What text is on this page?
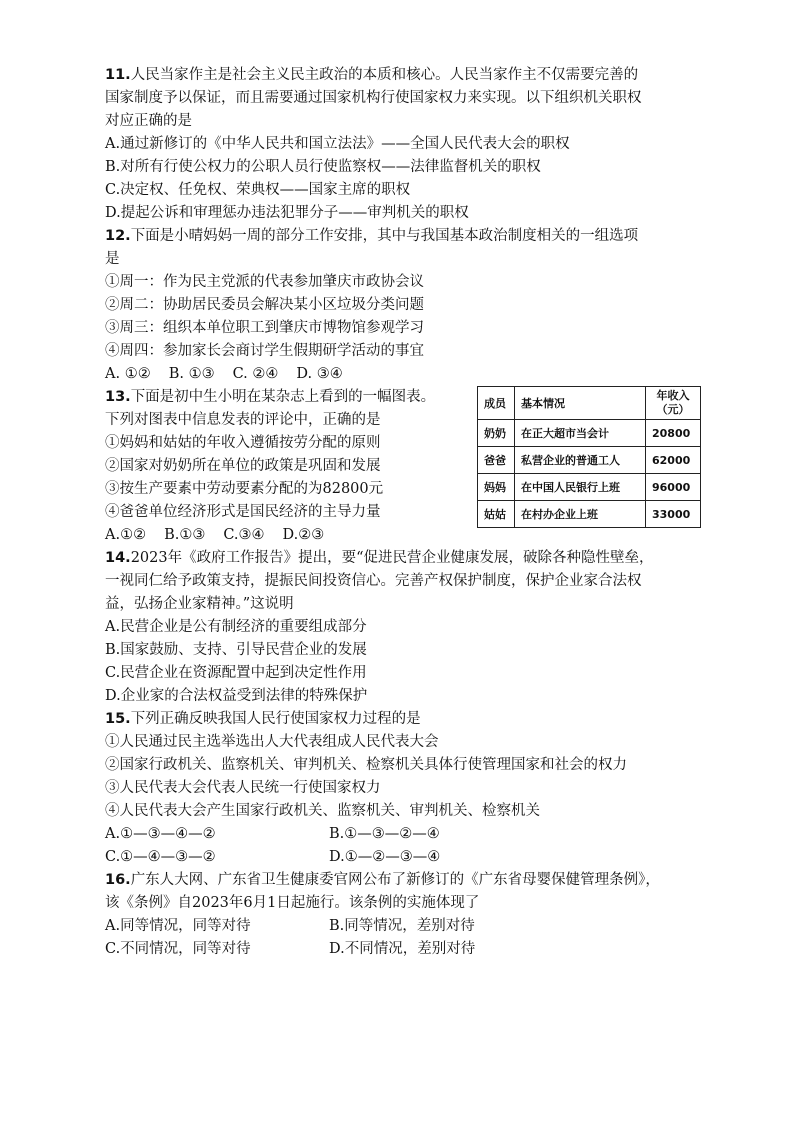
11.人民当家作主是社会主义民主政治的本质和核心。人民当家作主不仅需要完善的
国家制度予以保证，而且需要通过国家机构行使国家权力来实现。以下组织机关职权
对应正确的是
A.通过新修订的《中华人民共和国立法法》——全国人民代表大会的职权
B.对所有行使公权力的公职人员行使监察权——法律监督机关的职权
C.决定权、任免权、荣典权——国家主席的职权
D.提起公诉和审理惩办违法犯罪分子——审判机关的职权
12.下面是小晴妈妈一周的部分工作安排，其中与我国基本政治制度相关的一组选项
是
①周一：作为民主党派的代表参加肇庆市政协会议
②周二：协助居民委员会解决某小区垃圾分类问题
③周三：组织本单位职工到肇庆市博物馆参观学习
④周四：参加家长会商讨学生假期研学活动的事宜
A. ①② B. ①③ C. ②④ D. ③④
13.下面是初中生小明在某杂志上看到的一幅图表。
下列对图表中信息发表的评论中，正确的是
①妈妈和姑姑的年收入遵循按劳分配的原则
②国家对奶奶所在单位的政策是巩固和发展
③按生产要素中劳动要素分配的为82800元
④爸爸单位经济形式是国民经济的主导力量
A.①② B.①③ C.③④ D.②③
14.2023年《政府工作报告》提出，要“促进民营企业健康发展，破除各种隐性壁垒，
一视同仁给予政策支持，提振民间投资信心。完善产权保护制度，保护企业家合法权
益，弘扬企业家精神。”这说明
A.民营企业是公有制经济的重要组成部分
B.国家鼓励、支持、引导民营企业的发展
C.民营企业在资源配置中起到决定性作用
D.企业家的合法权益受到法律的特殊保护
15.下列正确反映我国人民行使国家权力过程的是
①人民通过民主选举选出人大代表组成人民代表大会
②国家行政机关、监察机关、审判机关、检察机关具体行使管理国家和社会的权力
③人民代表大会代表人民统一行使国家权力
④人民代表大会产生国家行政机关、监察机关、审判机关、检察机关
A.①—③—④—②	B.①—③—②—④
C.①—④—③—②	D.①—②—③—④
16.广东人大网、广东省卫生健康委官网公布了新修订的《广东省母婴保健管理条例》，
该《条例》自2023年6月1日起施行。该条例的实施体现了
A.同等情况，同等对待	B.同等情况，差别对待
C.不同情况，同等对待	D.不同情况，差别对待
成员	基本情况	年收入
（元）
奶奶	在正大超市当会计	20800
爸爸	私营企业的普通工人	62000
妈妈	在中国人民银行上班	96000
姑姑	在村办企业上班	33000
